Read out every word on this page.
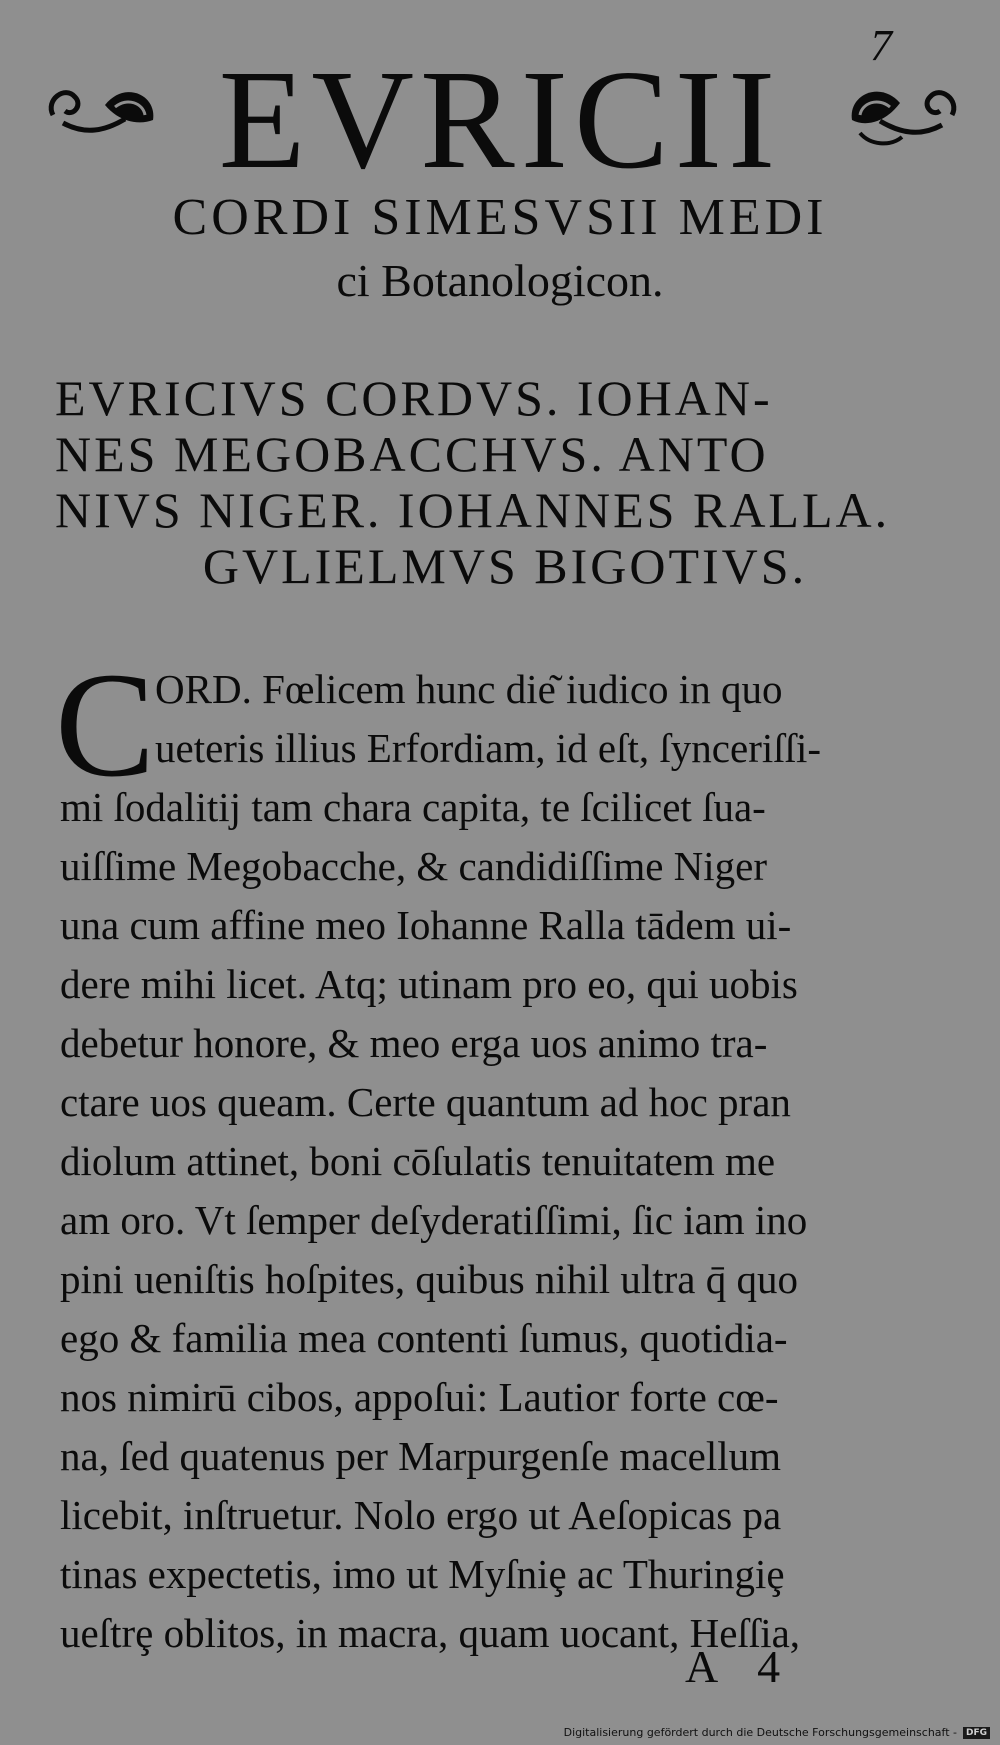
7
EVRICII
CORDI SIMESVSII MEDI
ci Botanologicon.
EVRICIVS CORDVS. IOHAN-
NES MEGOBACCHVS. ANTO
NIVS NIGER. IOHANNES RALLA.
GVLIELMVS BIGOTIVS.
C ORD. Fœlicem hunc die͂ iudico in quo
ueteris illius Erfordiam, id eſt, ſynceriſſi-
mi ſodalitij tam chara capita, te ſcilicet ſua-
uiſſime Megobacche, & candidiſſime Niger
una cum affine meo Iohanne Ralla tādem ui-
dere mihi licet. Atq; utinam pro eo, qui uobis
debetur honore, & meo erga uos animo tra-
ctare uos queam. Certe quantum ad hoc pran
diolum attinet, boni cōſulatis tenuitatem me
am oro. Vt ſemper deſyderatiſſimi, ſic iam ino
pini ueniſtis hoſpites, quibus nihil ultra q̄ quo
ego & familia mea contenti ſumus, quotidia-
nos nimirū cibos, appoſui: Lautior forte cœ-
na, ſed quatenus per Marpurgenſe macellum
licebit, inſtruetur. Nolo ergo ut Aeſopicas pa
tinas expectetis, imo ut Myſniȩ ac Thuringiȩ
ueſtrȩ oblitos, in macra, quam uocant, Heſſia,
A 4
Digitalisierung gefördert durch die Deutsche Forschungsgemeinschaft -	DFG
